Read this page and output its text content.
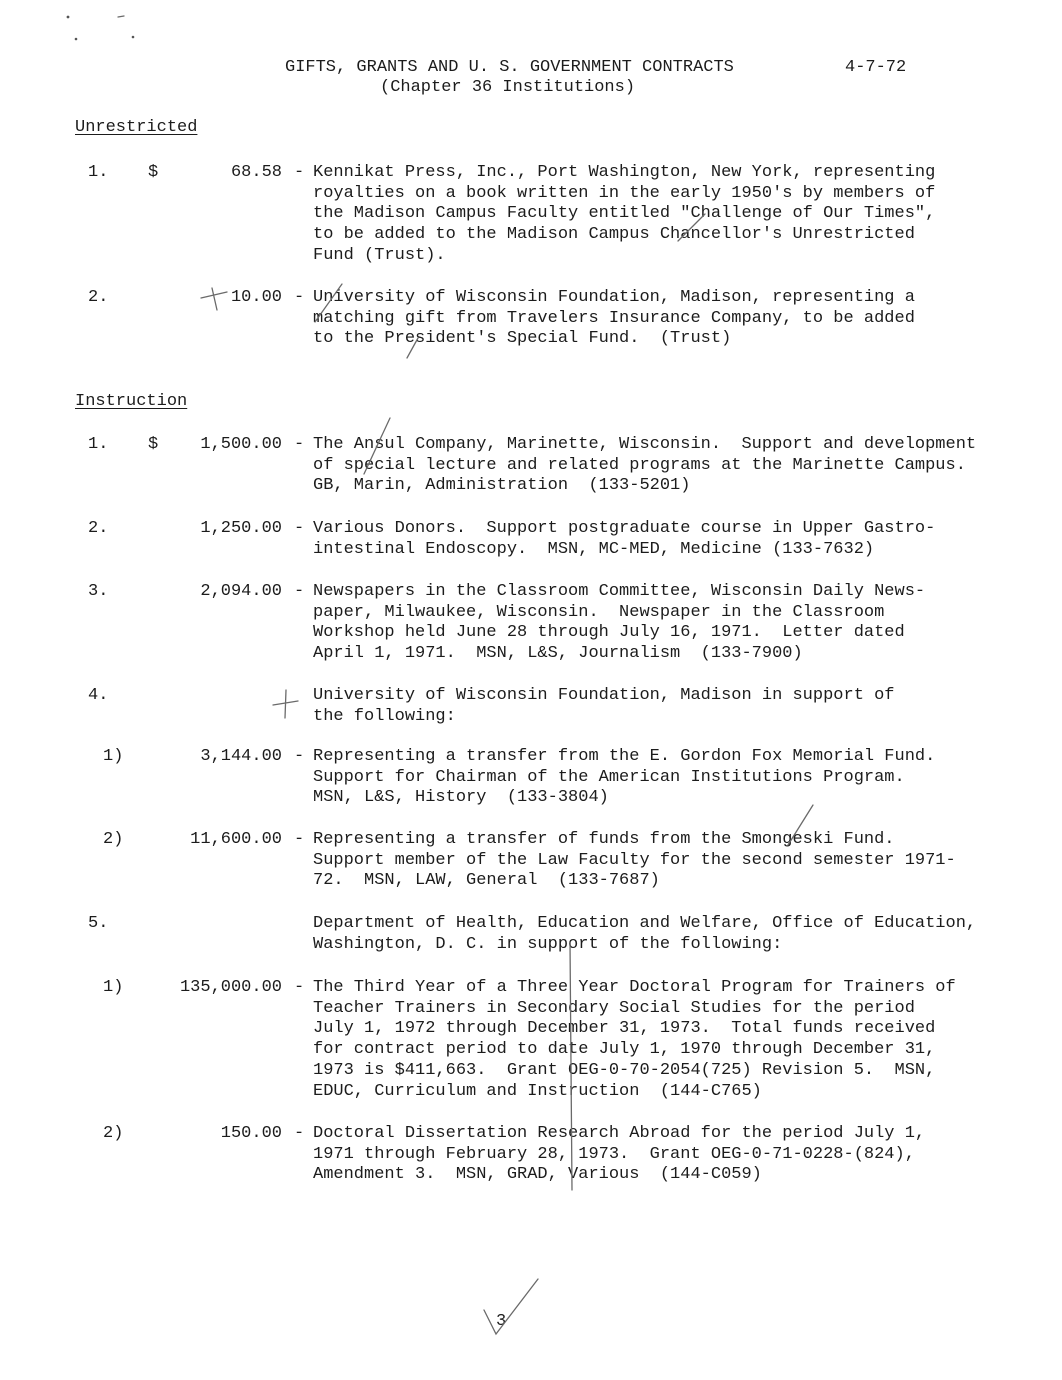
GIFTS, GRANTS AND U. S. GOVERNMENT CONTRACTS
(Chapter 36 Institutions)
4-7-72
Unrestricted
1. $	68.58 - Kennikat Press, Inc., Port Washington, New York, representing
royalties on a book written in the early 1950's by members of
the Madison Campus Faculty entitled "Challenge of Our Times",
to be added to the Madison Campus Chancellor's Unrestricted
Fund (Trust).
2.	10.00 - University of Wisconsin Foundation, Madison, representing a
matching gift from Travelers Insurance Company, to be added
to the President's Special Fund.  (Trust)
Instruction
1. $	1,500.00 - The Ansul Company, Marinette, Wisconsin.  Support and development
of special lecture and related programs at the Marinette Campus.
GB, Marin, Administration  (133-5201)
2.	1,250.00 - Various Donors.  Support postgraduate course in Upper Gastro-
intestinal Endoscopy.  MSN, MC-MED, Medicine (133-7632)
3.	2,094.00 - Newspapers in the Classroom Committee, Wisconsin Daily News-
paper, Milwaukee, Wisconsin.  Newspaper in the Classroom
Workshop held June 28 through July 16, 1971.  Letter dated
April 1, 1971.  MSN, L&S, Journalism  (133-7900)
4.	University of Wisconsin Foundation, Madison in support of
the following:
1)	3,144.00 - Representing a transfer from the E. Gordon Fox Memorial Fund.
Support for Chairman of the American Institutions Program.
MSN, L&S, History  (133-3804)
2)	11,600.00 - Representing a transfer of funds from the Smongeski Fund.
Support member of the Law Faculty for the second semester 1971-
72.  MSN, LAW, General  (133-7687)
5.	Department of Health, Education and Welfare, Office of Education,
Washington, D. C. in support of the following:
1)	135,000.00 - The Third Year of a Three Year Doctoral Program for Trainers of
Teacher Trainers in Secondary Social Studies for the period
July 1, 1972 through December 31, 1973.  Total funds received
for contract period to date July 1, 1970 through December 31,
1973 is $411,663.  Grant OEG-0-70-2054(725) Revision 5.  MSN,
EDUC, Curriculum and Instruction  (144-C765)
2)	150.00 - Doctoral Dissertation Research Abroad for the period July 1,
1971 through February 28, 1973.  Grant OEG-0-71-0228-(824),
Amendment 3.  MSN, GRAD, Various  (144-C059)
3
